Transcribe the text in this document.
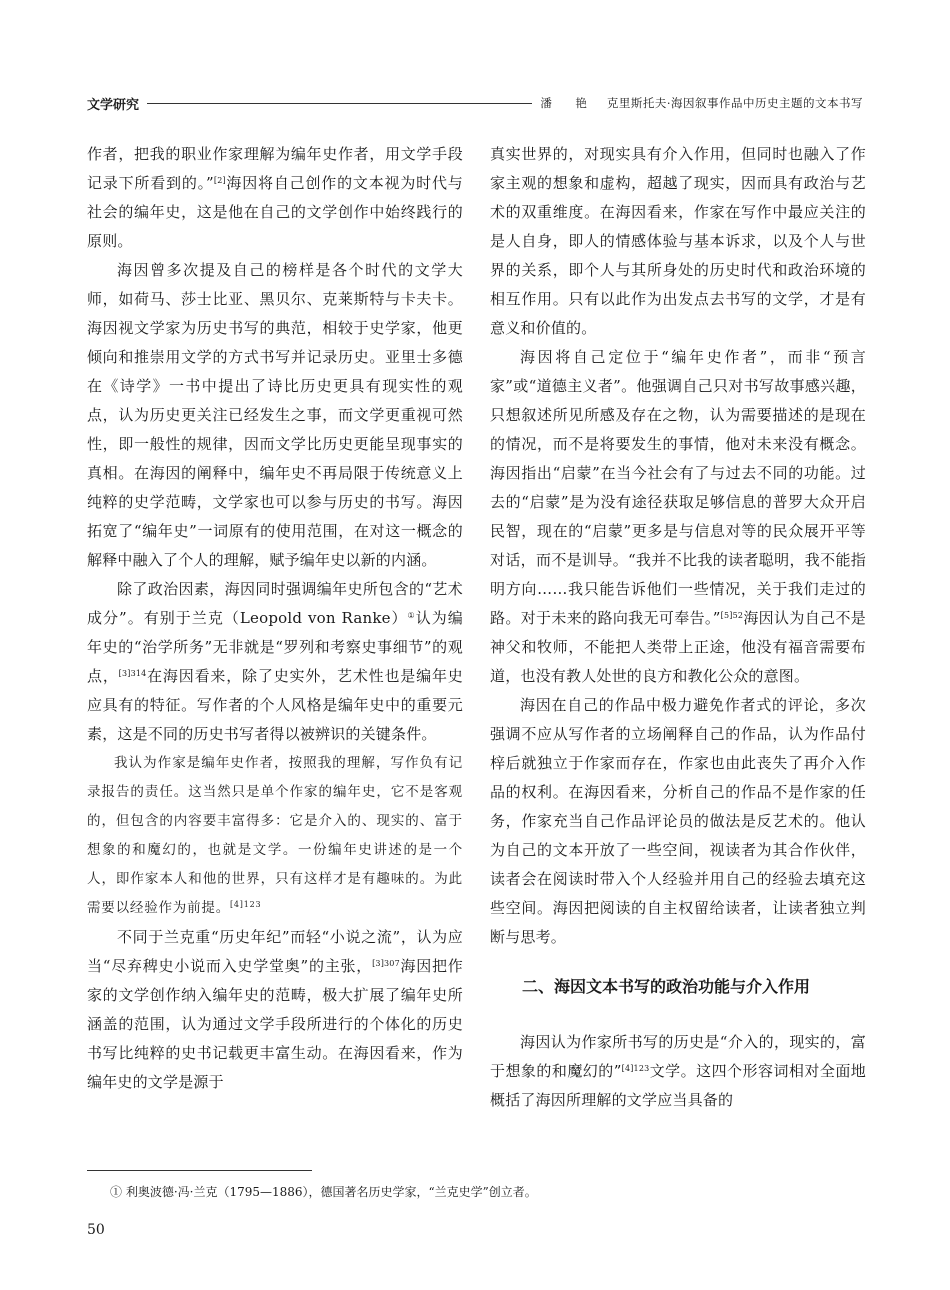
文学研究	潘　艳 克里斯托夫·海因叙事作品中历史主题的文本书写

作者，把我的职业作家理解为编年史作者，用文学手段记录下所看到的。”[2]海因将自己创作的文本视为时代与社会的编年史，这是他在自己的文学创作中始终践行的原则。

海因曾多次提及自己的榜样是各个时代的文学大师，如荷马、莎士比亚、黑贝尔、克莱斯特与卡夫卡。海因视文学家为历史书写的典范，相较于史学家，他更倾向和推崇用文学的方式书写并记录历史。亚里士多德在《诗学》一书中提出了诗比历史更具有现实性的观点，认为历史更关注已经发生之事，而文学更重视可然性，即一般性的规律，因而文学比历史更能呈现事实的真相。在海因的阐释中，编年史不再局限于传统意义上纯粹的史学范畴，文学家也可以参与历史的书写。海因拓宽了“编年史”一词原有的使用范围，在对这一概念的解释中融入了个人的理解，赋予编年史以新的内涵。

除了政治因素，海因同时强调编年史所包含的“艺术成分”。有别于兰克（Leopold von Ranke）①认为编年史的“治学所务”无非就是“罗列和考察史事细节”的观点，$^{[3]314}$在海因看来，除了史实外，艺术性也是编年史应具有的特征。写作者的个人风格是编年史中的重要元素，这是不同的历史书写者得以被辨识的关键条件。

我认为作家是编年史作者，按照我的理解，写作负有记录报告的责任。这当然只是单个作家的编年史，它不是客观的，但包含的内容要丰富得多：它是介入的、现实的、富于想象的和魔幻的，也就是文学。一份编年史讲述的是一个人，即作家本人和他的世界，只有这样才是有趣味的。为此需要以经验作为前提。$^{[4]123}$

不同于兰克重“历史年纪”而轻“小说之流”，认为应当“尽弃稗史小说而入史学堂奥”的主张，$^{[3]307}$海因把作家的文学创作纳入编年史的范畴，极大扩展了编年史所涵盖的范围，认为通过文学手段所进行的个体化的历史书写比纯粹的史书记载更丰富生动。在海因看来，作为编年史的文学是源于

真实世界的，对现实具有介入作用，但同时也融入了作家主观的想象和虚构，超越了现实，因而具有政治与艺术的双重维度。在海因看来，作家在写作中最应关注的是人自身，即人的情感体验与基本诉求，以及个人与世界的关系，即个人与其所身处的历史时代和政治环境的相互作用。只有以此作为出发点去书写的文学，才是有意义和价值的。

海因将自己定位于“编年史作者”，而非“预言家”或“道德主义者”。他强调自己只对书写故事感兴趣，只想叙述所见所感及存在之物，认为需要描述的是现在的情况，而不是将要发生的事情，他对未来没有概念。海因指出“启蒙”在当今社会有了与过去不同的功能。过去的“启蒙”是为没有途径获取足够信息的普罗大众开启民智，现在的“启蒙”更多是与信息对等的民众展开平等对话，而不是训导。“我并不比我的读者聪明，我不能指明方向……我只能告诉他们一些情况，关于我们走过的路。对于未来的路向我无可奉告。”$^{[5]52}$海因认为自己不是神父和牧师，不能把人类带上正途，他没有福音需要布道，也没有教人处世的良方和教化公众的意图。

海因在自己的作品中极力避免作者式的评论，多次强调不应从写作者的立场阐释自己的作品，认为作品付梓后就独立于作家而存在，作家也由此丧失了再介入作品的权利。在海因看来，分析自己的作品不是作家的任务，作家充当自己作品评论员的做法是反艺术的。他认为自己的文本开放了一些空间，视读者为其合作伙伴，读者会在阅读时带入个人经验并用自己的经验去填充这些空间。海因把阅读的自主权留给读者，让读者独立判断与思考。

二、海因文本书写的政治功能与介入作用

海因认为作家所书写的历史是“介入的，现实的，富于想象的和魔幻的”$^{[4]123}$文学。这四个形容词相对全面地概括了海因所理解的文学应当具备的

① 利奥波德·冯·兰克（1795—1886），德国著名历史学家，“兰克史学”创立者。
50
